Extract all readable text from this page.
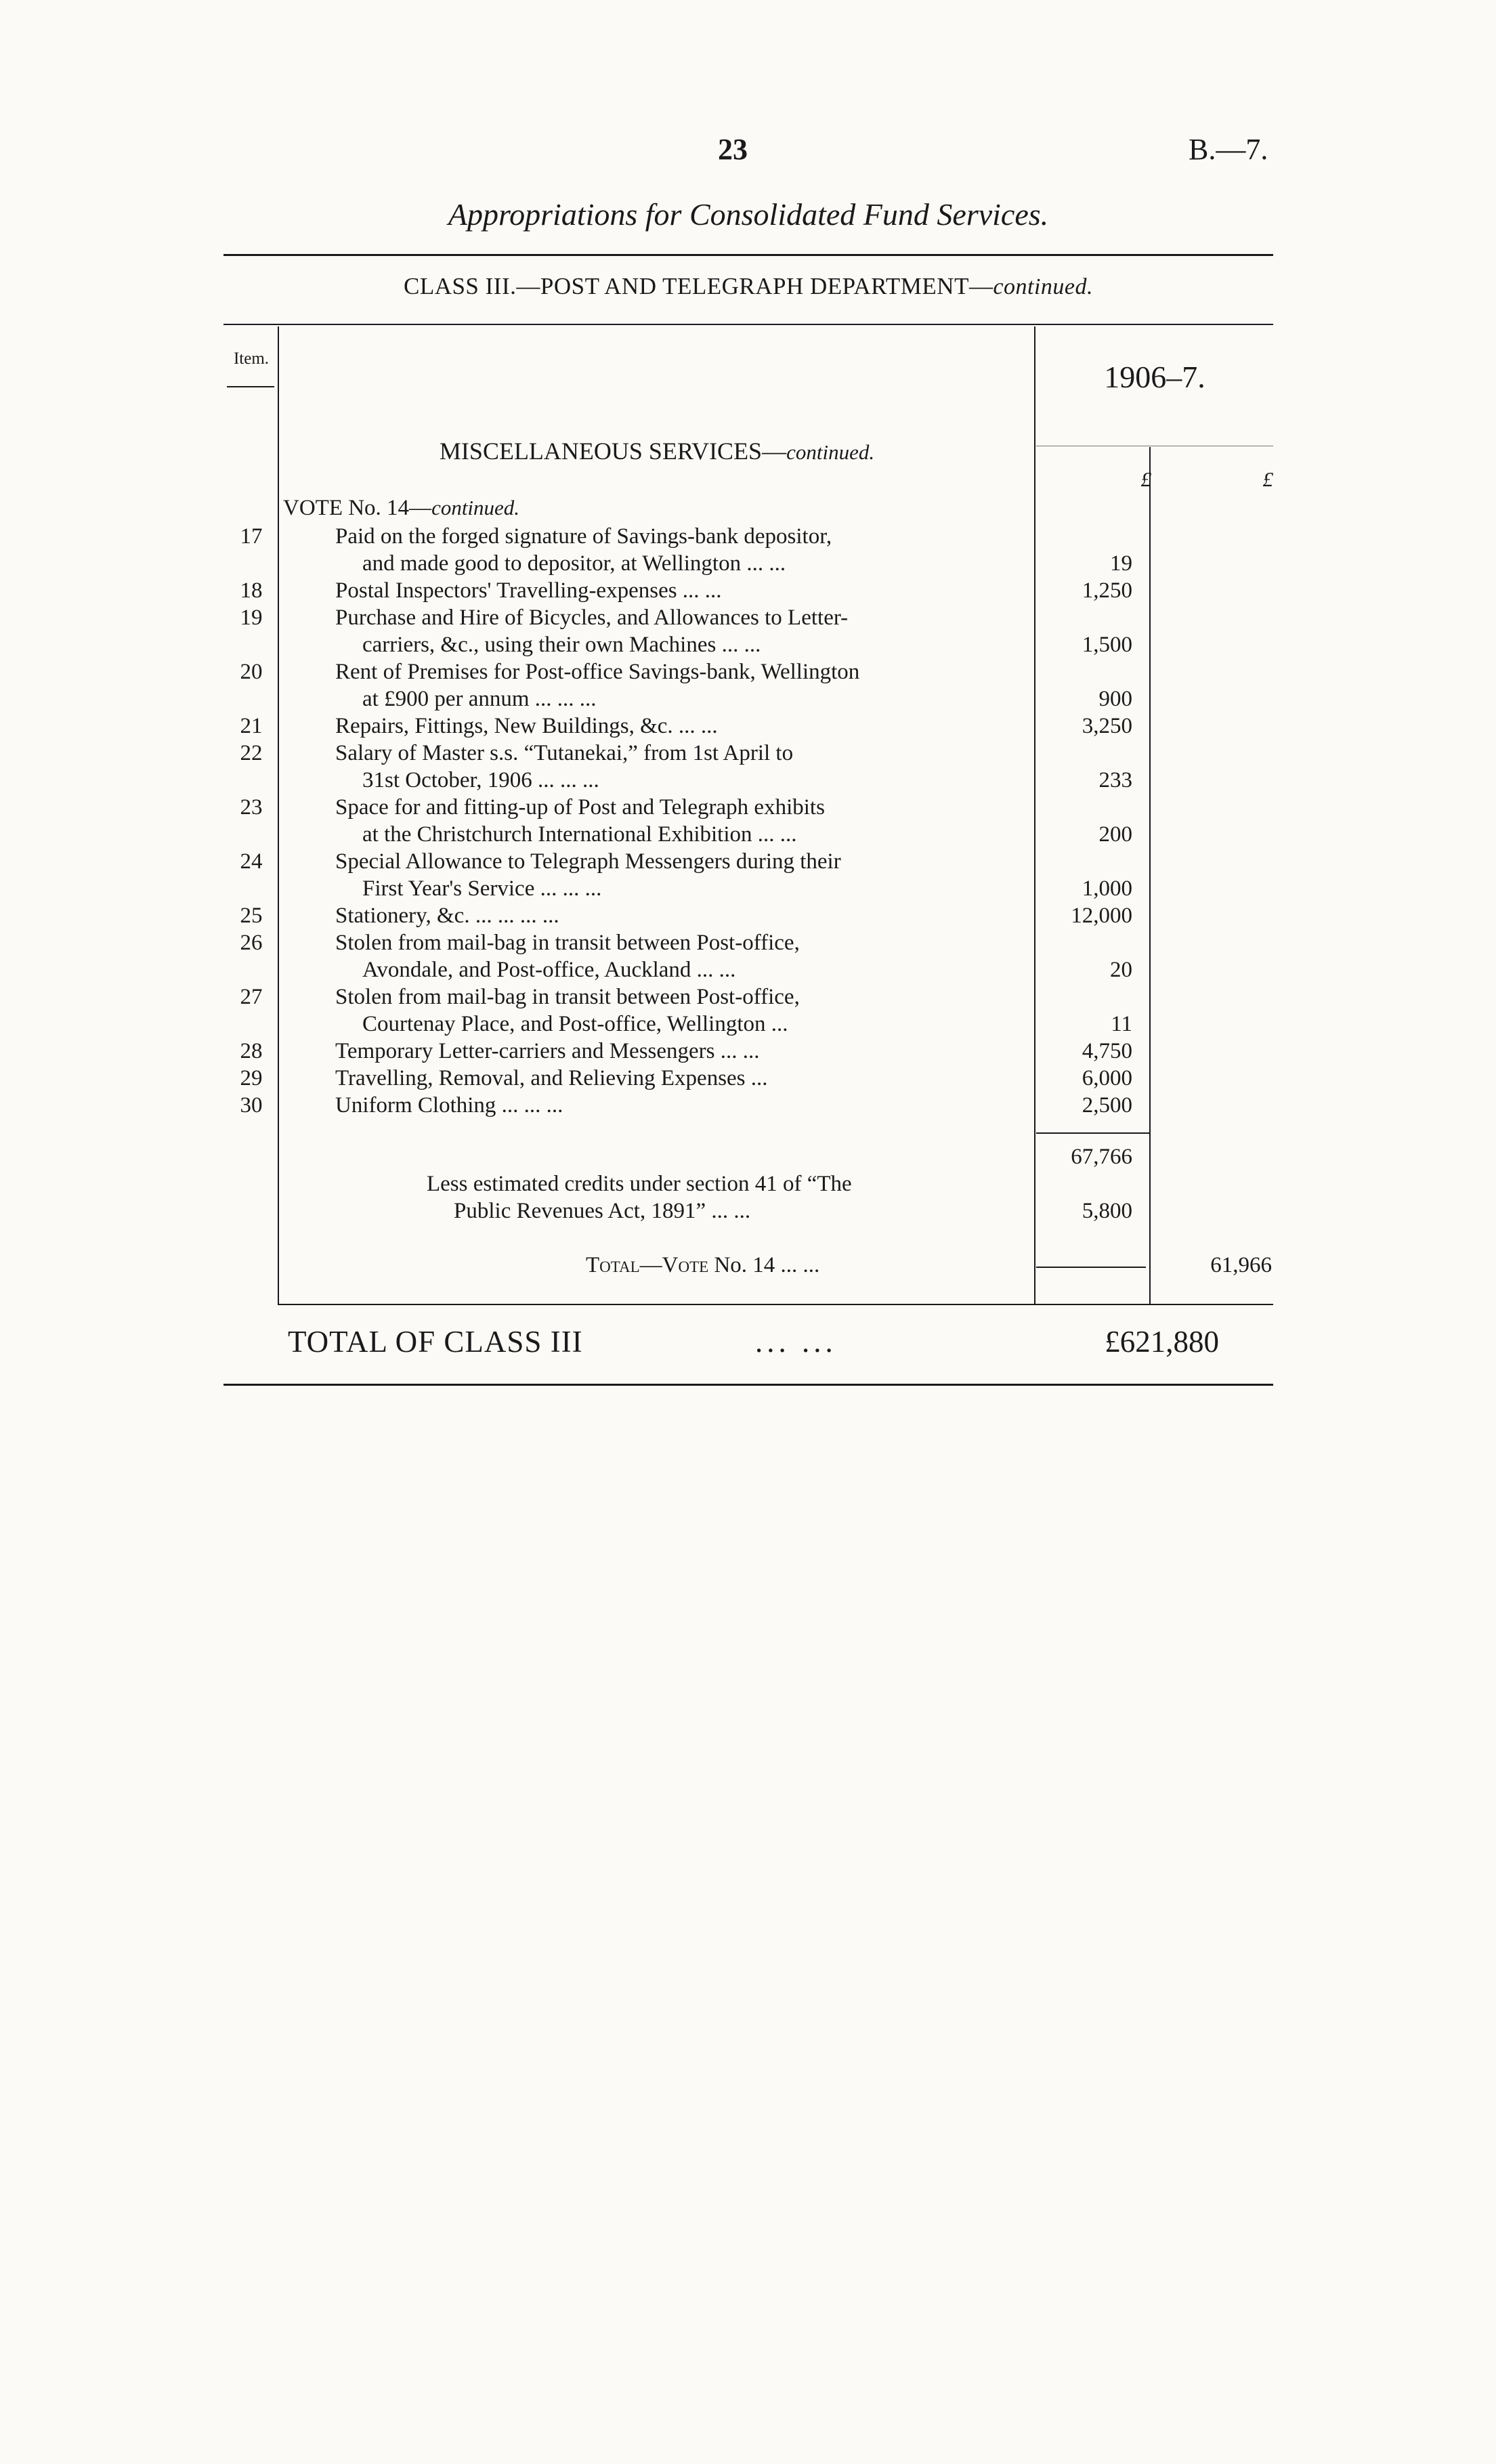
23	B.—7.
Appropriations for Consolidated Fund Services.
CLASS III.—POST AND TELEGRAPH DEPARTMENT—continued.
Item.
1906–7.
MISCELLANEOUS SERVICES—continued.
£	£
VOTE No. 14—continued.
17	Paid on the forged signature of Savings-bank depositor,
and made good to depositor, at Wellington ... ...	19
18	Postal Inspectors' Travelling-expenses ... ...	1,250
19	Purchase and Hire of Bicycles, and Allowances to Letter-
carriers, &c., using their own Machines ... ...	1,500
20	Rent of Premises for Post-office Savings-bank, Wellington
at £900 per annum ... ... ...	900
21	Repairs, Fittings, New Buildings, &c. ... ...	3,250
22	Salary of Master s.s. “Tutanekai,” from 1st April to
31st October, 1906 ... ... ...	233
23	Space for and fitting-up of Post and Telegraph exhibits
at the Christchurch International Exhibition ... ...	200
24	Special Allowance to Telegraph Messengers during their
First Year's Service ... ... ...	1,000
25	Stationery, &c. ... ... ... ...	12,000
26	Stolen from mail-bag in transit between Post-office,
Avondale, and Post-office, Auckland ... ...	20
27	Stolen from mail-bag in transit between Post-office,
Courtenay Place, and Post-office, Wellington ...	11
28	Temporary Letter-carriers and Messengers ... ...	4,750
29	Travelling, Removal, and Relieving Expenses ...	6,000
30	Uniform Clothing ... ... ...	2,500
67,766
Less estimated credits under section 41 of “The
Public Revenues Act, 1891” ... ...	5,800
Total—Vote No. 14 ... ...	61,966
TOTAL OF CLASS III	... ...	£621,880
